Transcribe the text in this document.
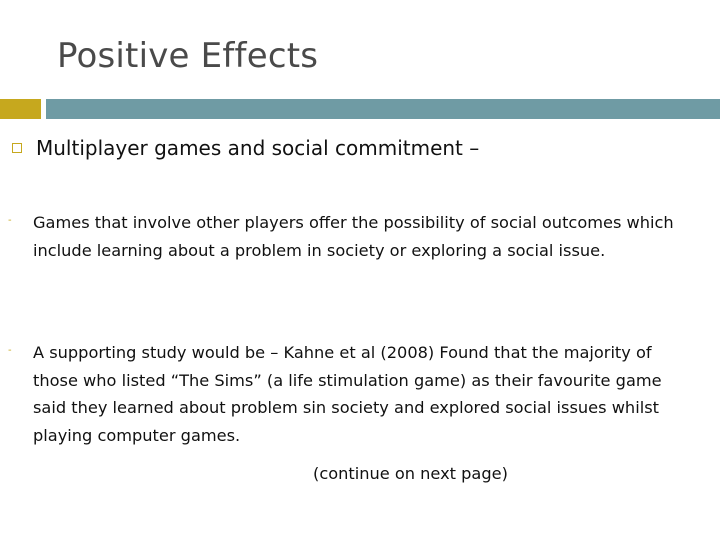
Positive Effects
Multiplayer games and social commitment –
-	Games that involve other players offer the possibility of social outcomes which include learning about a problem in society or exploring a social issue.
-	A supporting study would be – Kahne et al (2008) Found that the majority of those who listed “The Sims” (a life stimulation game) as their favourite game said they learned about problem sin society and explored social issues whilst playing computer games.
(continue on next page)
